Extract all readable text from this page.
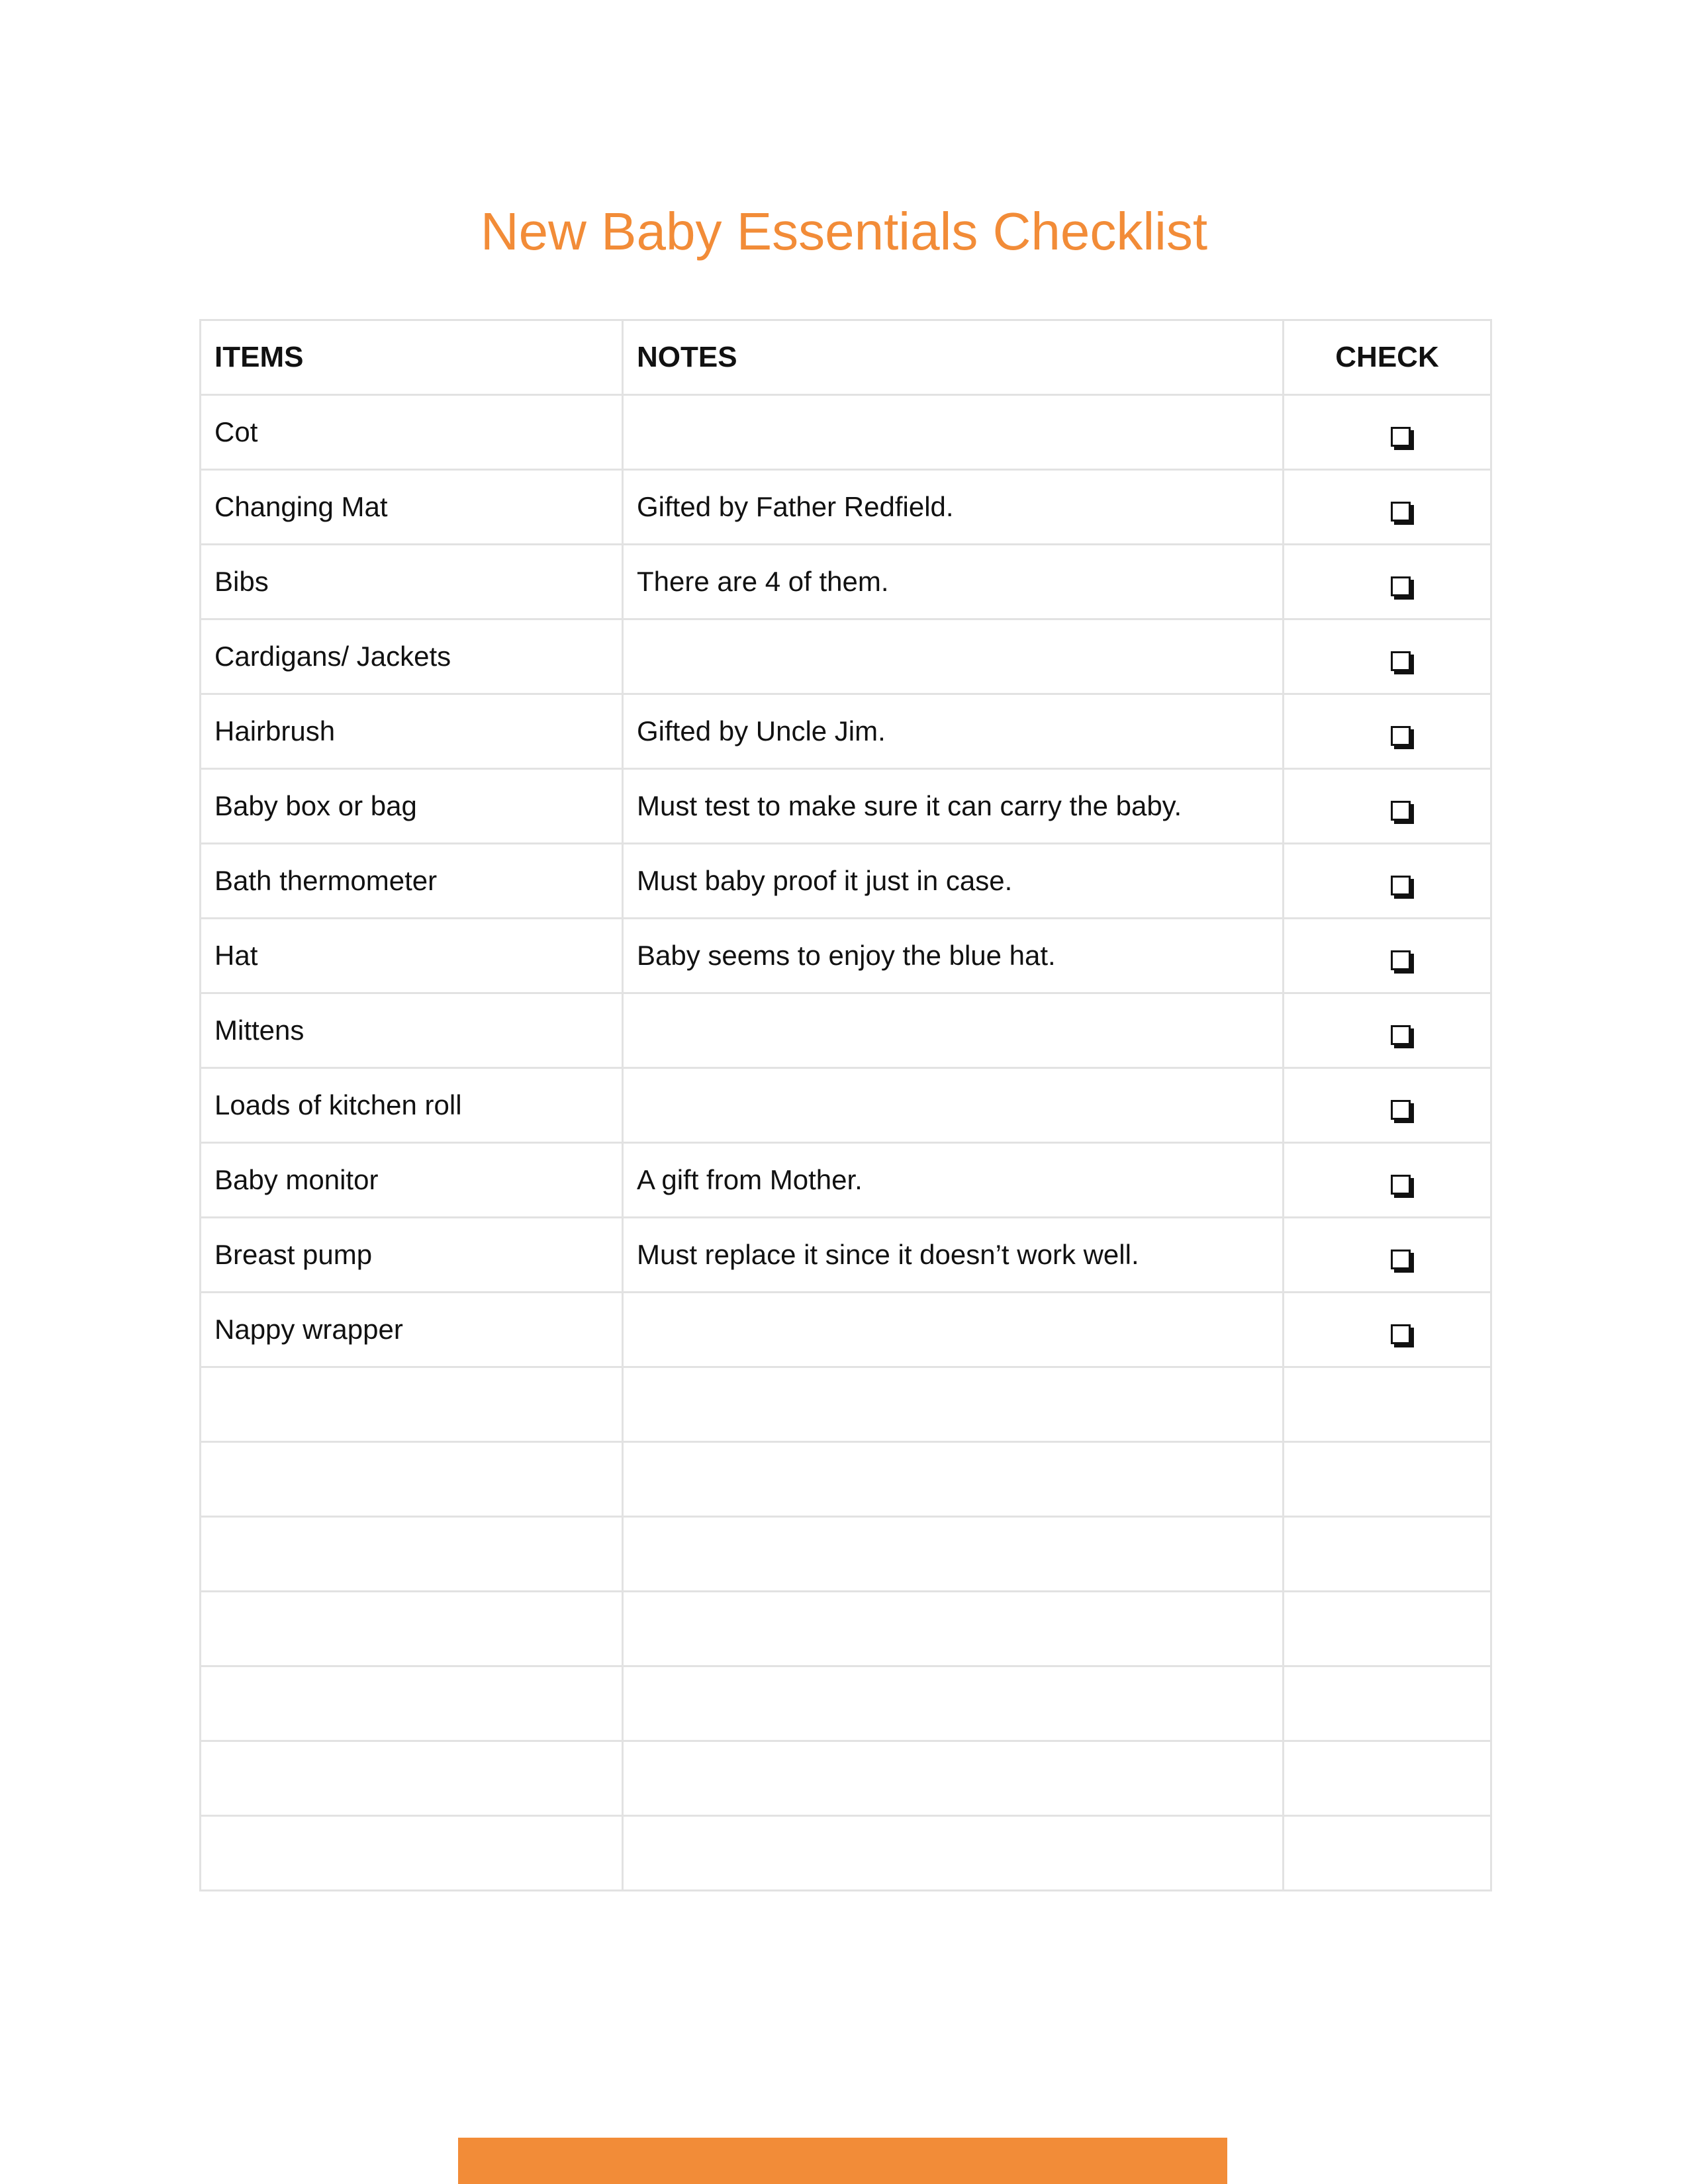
New Baby Essentials Checklist
ITEMS	NOTES	CHECK
Cot		
Changing Mat	Gifted by Father Redfield.	
Bibs	There are 4 of them.	
Cardigans/ Jackets		
Hairbrush	Gifted by Uncle Jim.	
Baby box or bag	Must test to make sure it can carry the baby.	
Bath thermometer	Must baby proof it just in case.	
Hat	Baby seems to enjoy the blue hat.	
Mittens		
Loads of kitchen roll		
Baby monitor	A gift from Mother.	
Breast pump	Must replace it since it doesn’t work well.	
Nappy wrapper		
